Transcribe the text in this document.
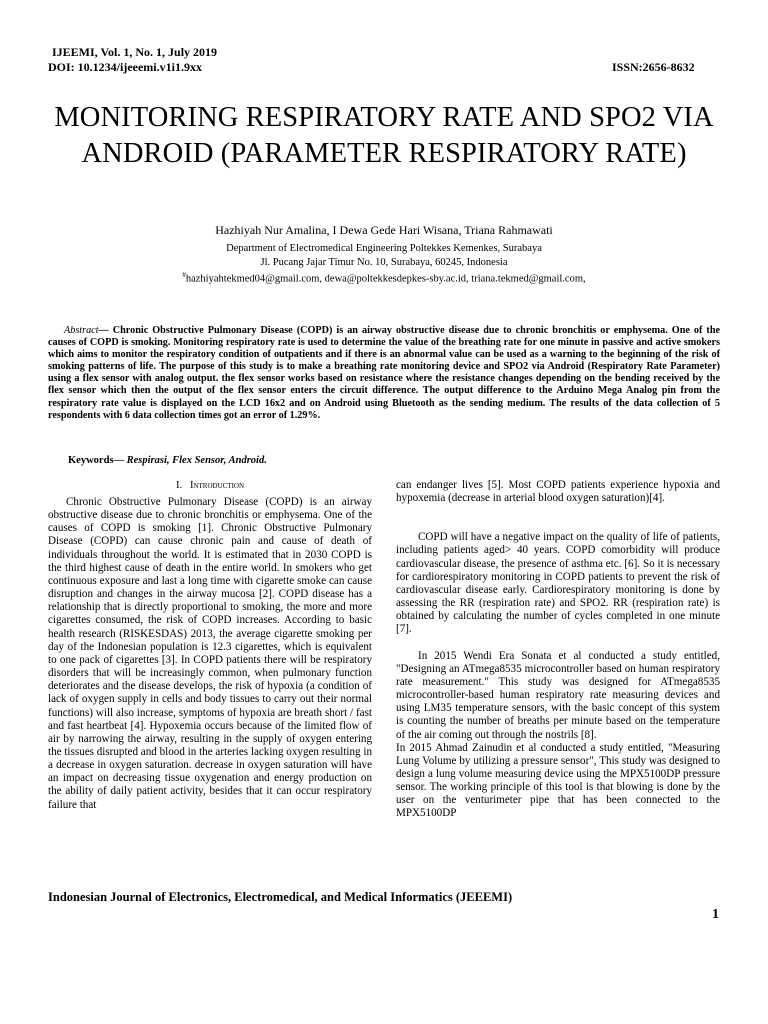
IJEEMI, Vol. 1, No. 1, July 2019
DOI: 10.1234/ijeeemi.v1i1.9xx	ISSN:2656-8632
MONITORING RESPIRATORY RATE AND SPO2 VIA ANDROID (PARAMETER RESPIRATORY RATE)
Hazhiyah Nur Amalina, I Dewa Gede Hari Wisana, Triana Rahmawati
Department of Electromedical Engineering Poltekkes Kemenkes, Surabaya
Jl. Pucang Jajar Timur No. 10, Surabaya, 60245, Indonesia
#hazhiyahtekmed04@gmail.com, dewa@poltekkesdepkes-sby.ac.id, triana.tekmed@gmail.com,
Abstract— Chronic Obstructive Pulmonary Disease (COPD) is an airway obstructive disease due to chronic bronchitis or emphysema. One of the causes of COPD is smoking. Monitoring respiratory rate is used to determine the value of the breathing rate for one minute in passive and active smokers which aims to monitor the respiratory condition of outpatients and if there is an abnormal value can be used as a warning to the beginning of the risk of smoking patterns of life. The purpose of this study is to make a breathing rate monitoring device and SPO2 via Android (Respiratory Rate Parameter) using a flex sensor with analog output. the flex sensor works based on resistance where the resistance changes depending on the bending received by the flex sensor which then the output of the flex sensor enters the circuit difference. The output difference to the Arduino Mega Analog pin from the respiratory rate value is displayed on the LCD 16x2 and on Android using Bluetooth as the sending medium. The results of the data collection of 5 respondents with 6 data collection times got an error of 1.29%.
Keywords— Respirasi, Flex Sensor, Android.
I. Introduction

Chronic Obstructive Pulmonary Disease (COPD) is an airway obstructive disease due to chronic bronchitis or emphysema. One of the causes of COPD is smoking [1]. Chronic Obstructive Pulmonary Disease (COPD) can cause chronic pain and cause of death of individuals throughout the world. It is estimated that in 2030 COPD is the third highest cause of death in the entire world. In smokers who get continuous exposure and last a long time with cigarette smoke can cause disruption and changes in the airway mucosa [2]. COPD disease has a relationship that is directly proportional to smoking, the more and more cigarettes consumed, the risk of COPD increases. According to basic health research (RISKESDAS) 2013, the average cigarette smoking per day of the Indonesian population is 12.3 cigarettes, which is equivalent to one pack of cigarettes [3]. In COPD patients there will be respiratory disorders that will be increasingly common, when pulmonary function deteriorates and the disease develops, the risk of hypoxia (a condition of lack of oxygen supply in cells and body tissues to carry out their normal functions) will also increase, symptoms of hypoxia are breath short / fast and fast heartbeat [4]. Hypoxemia occurs because of the limited flow of air by narrowing the airway, resulting in the supply of oxygen entering the tissues disrupted and blood in the arteries lacking oxygen resulting in a decrease in oxygen saturation. decrease in oxygen saturation will have an impact on decreasing tissue oxygenation and energy production on the ability of daily patient activity, besides that it can occur respiratory failure that

can endanger lives [5]. Most COPD patients experience hypoxia and hypoxemia (decrease in arterial blood oxygen saturation)[4].

COPD will have a negative impact on the quality of life of patients, including patients aged> 40 years. COPD comorbidity will produce cardiovascular disease, the presence of asthma etc. [6]. So it is necessary for cardiorespiratory monitoring in COPD patients to prevent the risk of cardiovascular disease early. Cardiorespiratory monitoring is done by assessing the RR (respiration rate) and SPO2. RR (respiration rate) is obtained by calculating the number of cycles completed in one minute [7].

In 2015 Wendi Era Sonata et al conducted a study entitled, "Designing an ATmega8535 microcontroller based on human respiratory rate measurement." This study was designed for ATmega8535 microcontroller-based human respiratory rate measuring devices and using LM35 temperature sensors, with the basic concept of this system is counting the number of breaths per minute based on the temperature of the air coming out through the nostrils [8].

In 2015 Ahmad Zainudin et al conducted a study entitled, "Measuring Lung Volume by utilizing a pressure sensor", This study was designed to design a lung volume measuring device using the MPX5100DP pressure sensor. The working principle of this tool is that blowing is done by the user on the venturimeter pipe that has been connected to the MPX5100DP

Indonesian Journal of Electronics, Electromedical, and Medical Informatics (JEEEMI)
1
